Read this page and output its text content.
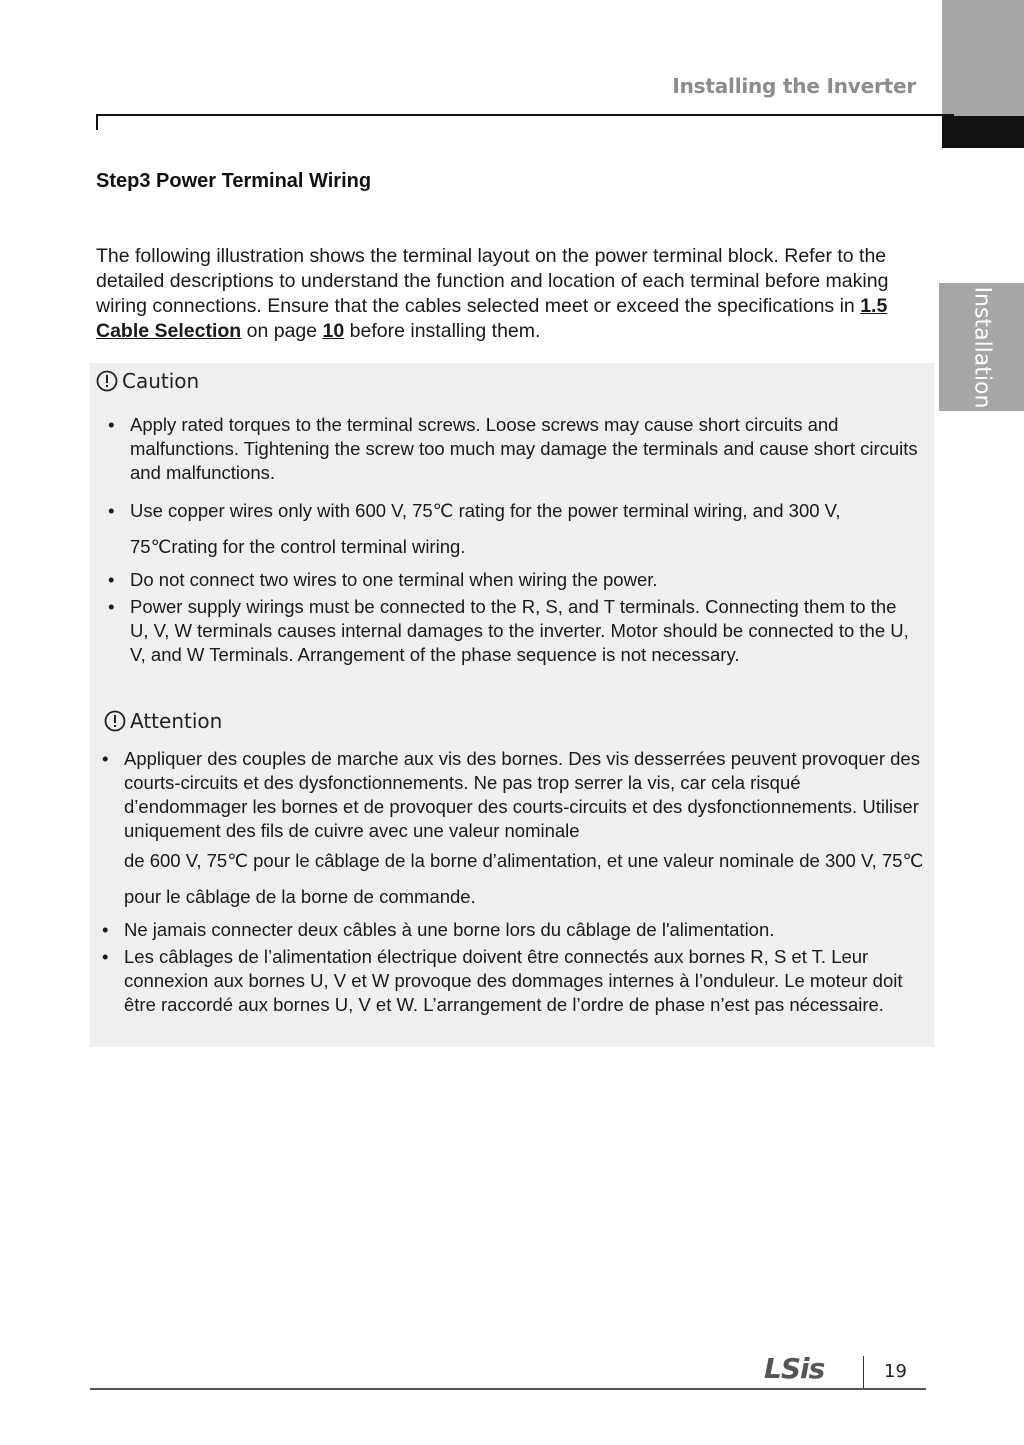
Installing the Inverter
Installation
Step3 Power Terminal Wiring

The following illustration shows the terminal layout on the power terminal block. Refer to the detailed descriptions to understand the function and location of each terminal before making wiring connections. Ensure that the cables selected meet or exceed the specifications in 1.5 Cable Selection on page 10 before installing them.

Caution
• Apply rated torques to the terminal screws. Loose screws may cause short circuits and malfunctions. Tightening the screw too much may damage the terminals and cause short circuits and malfunctions.
• Use copper wires only with 600 V, 75℃ rating for the power terminal wiring, and 300 V, 75℃rating for the control terminal wiring.
• Do not connect two wires to one terminal when wiring the power.
• Power supply wirings must be connected to the R, S, and T terminals. Connecting them to the U, V, W terminals causes internal damages to the inverter. Motor should be connected to the U, V, and W Terminals. Arrangement of the phase sequence is not necessary.
Attention
• Appliquer des couples de marche aux vis des bornes. Des vis desserrées peuvent provoquer des courts-circuits et des dysfonctionnements. Ne pas trop serrer la vis, car cela risqué d’endommager les bornes et de provoquer des courts-circuits et des dysfonctionnements. Utiliser uniquement des fils de cuivre avec une valeur nominale

de 600 V, 75℃ pour le câblage de la borne d’alimentation, et une valeur nominale de 300 V, 75℃ pour le câblage de la borne de commande.
• Ne jamais connecter deux câbles à une borne lors du câblage de l'alimentation.
• Les câblages de l’alimentation électrique doivent être connectés aux bornes R, S et T. Leur connexion aux bornes U, V et W provoque des dommages internes à l’onduleur. Le moteur doit être raccordé aux bornes U, V et W. L’arrangement de l’ordre de phase n’est pas nécessaire.
LSis	19
